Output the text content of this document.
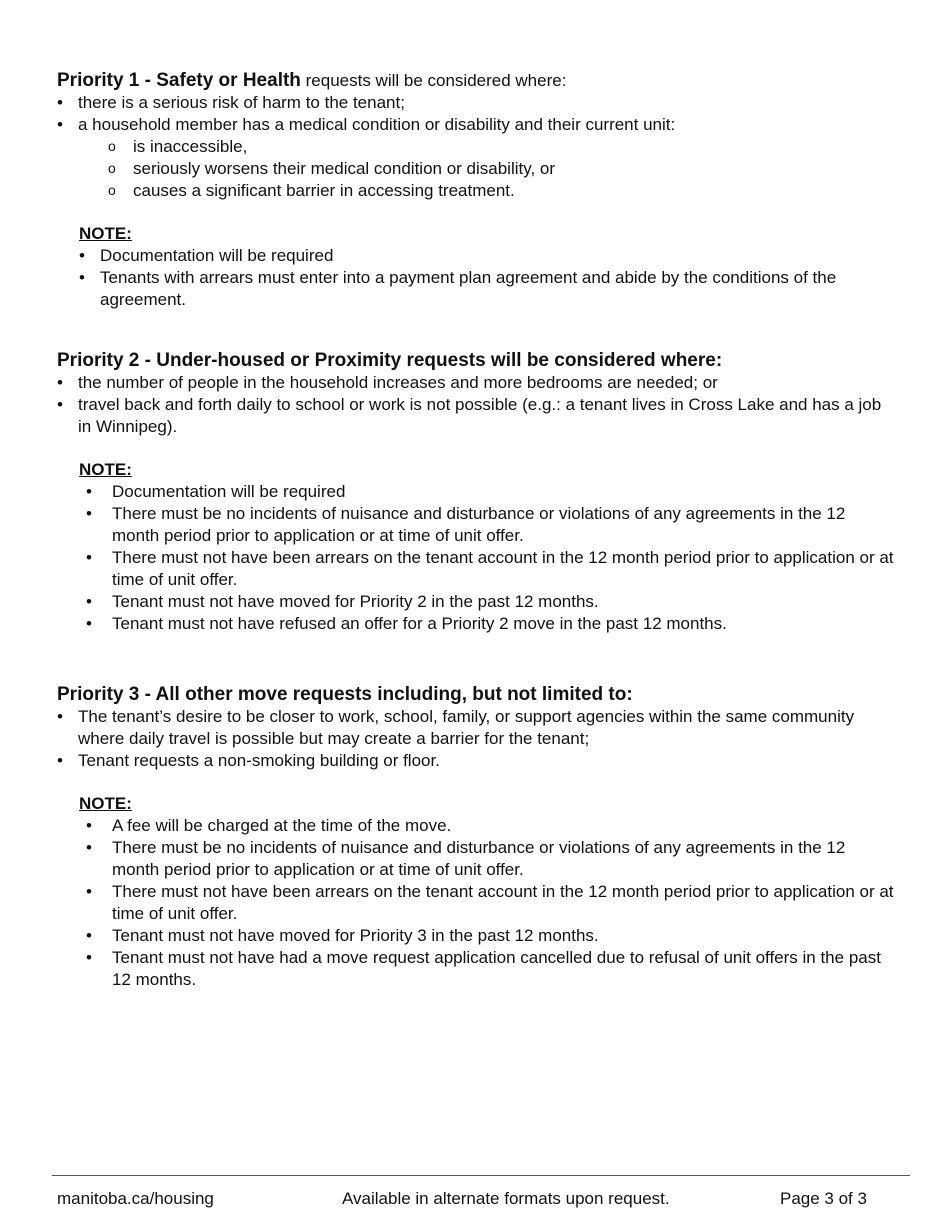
Priority 1 - Safety or Health requests will be considered where:

• there is a serious risk of harm to the tenant;
• a household member has a medical condition or disability and their current unit:
o is inaccessible,
o seriously worsens their medical condition or disability, or
o causes a significant barrier in accessing treatment.
NOTE:
• Documentation will be required
• Tenants with arrears must enter into a payment plan agreement and abide by the conditions of the agreement.

Priority 2 - Under-housed or Proximity requests will be considered where:

• the number of people in the household increases and more bedrooms are needed; or
• travel back and forth daily to school or work is not possible (e.g.: a tenant lives in Cross Lake and has a job in Winnipeg).
NOTE:
• Documentation will be required
• There must be no incidents of nuisance and disturbance or violations of any agreements in the 12 month period prior to application or at time of unit offer.
• There must not have been arrears on the tenant account in the 12 month period prior to application or at time of unit offer.
• Tenant must not have moved for Priority 2 in the past 12 months.
• Tenant must not have refused an offer for a Priority 2 move in the past 12 months.

Priority 3 - All other move requests including, but not limited to:

• The tenant’s desire to be closer to work, school, family, or support agencies within the same community where daily travel is possible but may create a barrier for the tenant;
• Tenant requests a non-smoking building or floor.
NOTE:
• A fee will be charged at the time of the move.
• There must be no incidents of nuisance and disturbance or violations of any agreements in the 12 month period prior to application or at time of unit offer.
• There must not have been arrears on the tenant account in the 12 month period prior to application or at time of unit offer.
• Tenant must not have moved for Priority 3 in the past 12 months.
• Tenant must not have had a move request application cancelled due to refusal of unit offers in the past 12 months.
manitoba.ca/housing	Available in alternate formats upon request.	Page 3 of 3
